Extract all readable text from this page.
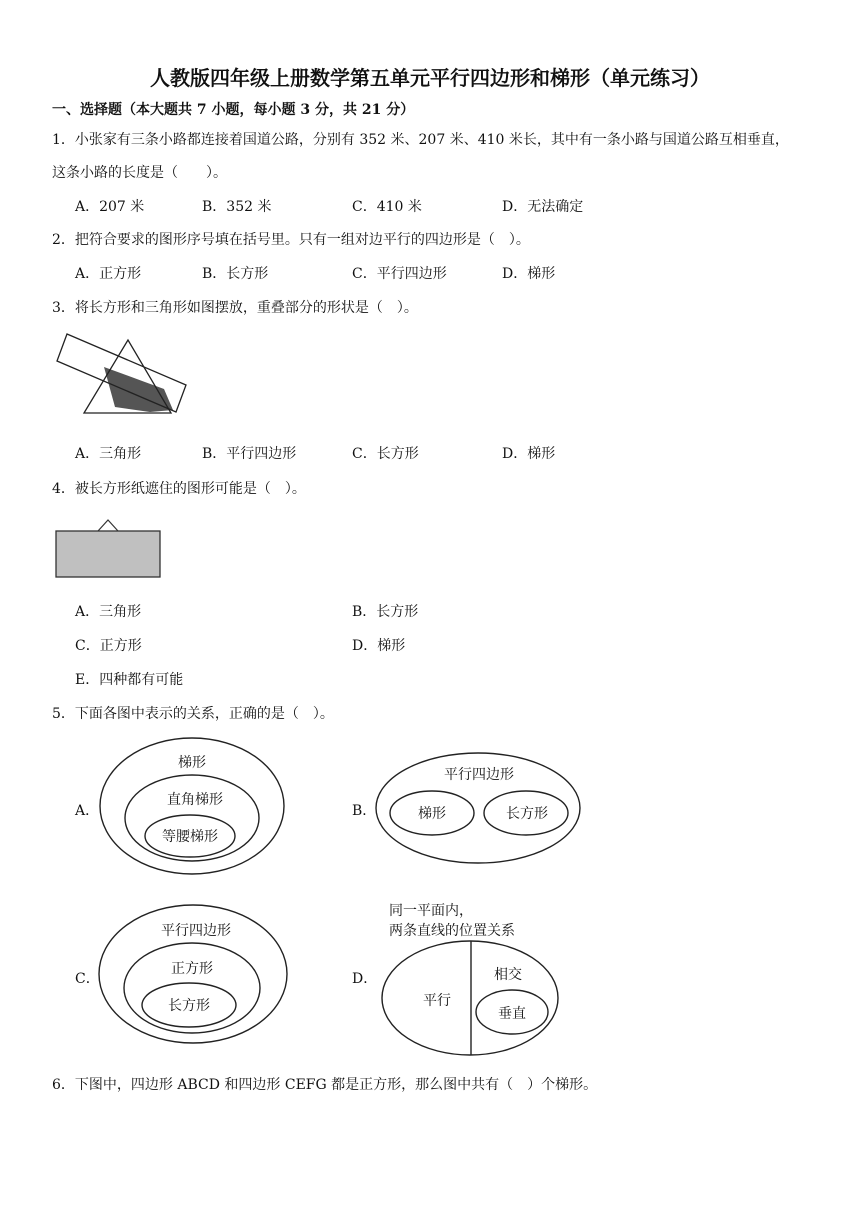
人教版四年级上册数学第五单元平行四边形和梯形（单元练习）
一、选择题（本大题共 7 小题，每小题 3 分，共 21 分）
1．小张家有三条小路都连接着国道公路，分别有 352 米、207 米、410 米长，其中有一条小路与国道公路互相垂直，
这条小路的长度是（　　）。
A．207 米	B．352 米	C．410 米	D．无法确定
2．把符合要求的图形序号填在括号里。只有一组对边平行的四边形是（　）。
A．正方形	B．长方形	C．平行四边形	D．梯形
3．将长方形和三角形如图摆放，重叠部分的形状是（　）。
A．三角形	B．平行四边形	C．长方形	D．梯形
4．被长方形纸遮住的图形可能是（　）。
A．三角形	B．长方形
C．正方形	D．梯形
E．四种都有可能
5．下面各图中表示的关系，正确的是（　）。
A．	B．
C．	D．
梯形
直角梯形
等腰梯形
平行四边形
梯形	长方形
平行四边形
正方形
长方形
同一平面内，
两条直线的位置关系
平行
相交
垂直
6．下图中，四边形 ABCD 和四边形 CEFG 都是正方形，那么图中共有（　）个梯形。
